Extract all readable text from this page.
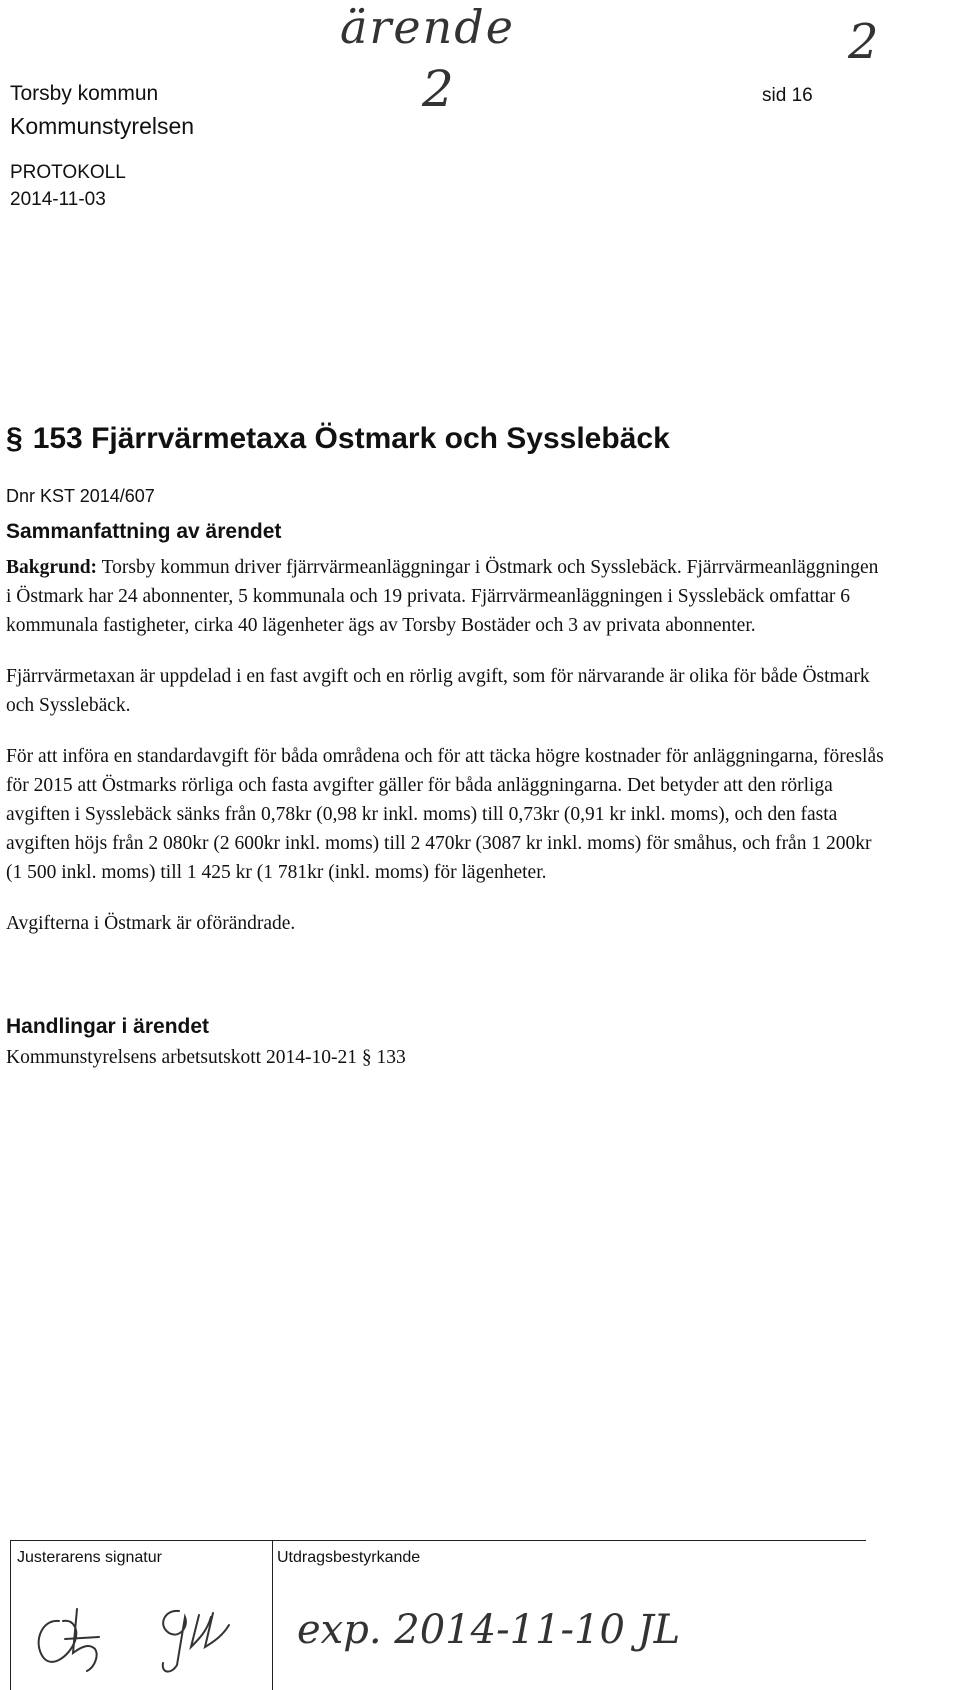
ärende	2
2
Torsby kommun
Kommunstyrelsen
sid 16
PROTOKOLL
2014-11-03
§ 153 Fjärrvärmetaxa Östmark och Sysslebäck
Dnr KST 2014/607
Sammanfattning av ärendet

Bakgrund: Torsby kommun driver fjärrvärmeanläggningar i Östmark och Sysslebäck. Fjärrvärmeanläggningen i Östmark har 24 abonnenter, 5 kommunala och 19 privata. Fjärrvärmeanläggningen i Sysslebäck omfattar 6 kommunala fastigheter, cirka 40 lägenheter ägs av Torsby Bostäder och 3 av privata abonnenter.

Fjärrvärmetaxan är uppdelad i en fast avgift och en rörlig avgift, som för närvarande är olika för både Östmark och Sysslebäck.

För att införa en standardavgift för båda områdena och för att täcka högre kostnader för anläggningarna, föreslås för 2015 att Östmarks rörliga och fasta avgifter gäller för båda anläggningarna. Det betyder att den rörliga avgiften i Sysslebäck sänks från 0,78kr (0,98 kr inkl. moms) till 0,73kr (0,91 kr inkl. moms), och den fasta avgiften höjs från 2 080kr (2 600kr inkl. moms) till 2 470kr (3087 kr inkl. moms) för småhus, och från 1 200kr (1 500 inkl. moms) till 1 425 kr (1 781kr (inkl. moms) för lägenheter.

Avgifterna i Östmark är oförändrade.

Handlingar i ärendet
Kommunstyrelsens arbetsutskott 2014-10-21 § 133
Justerarens signatur	Utdragsbestyrkande
exp. 2014-11-10 JL
